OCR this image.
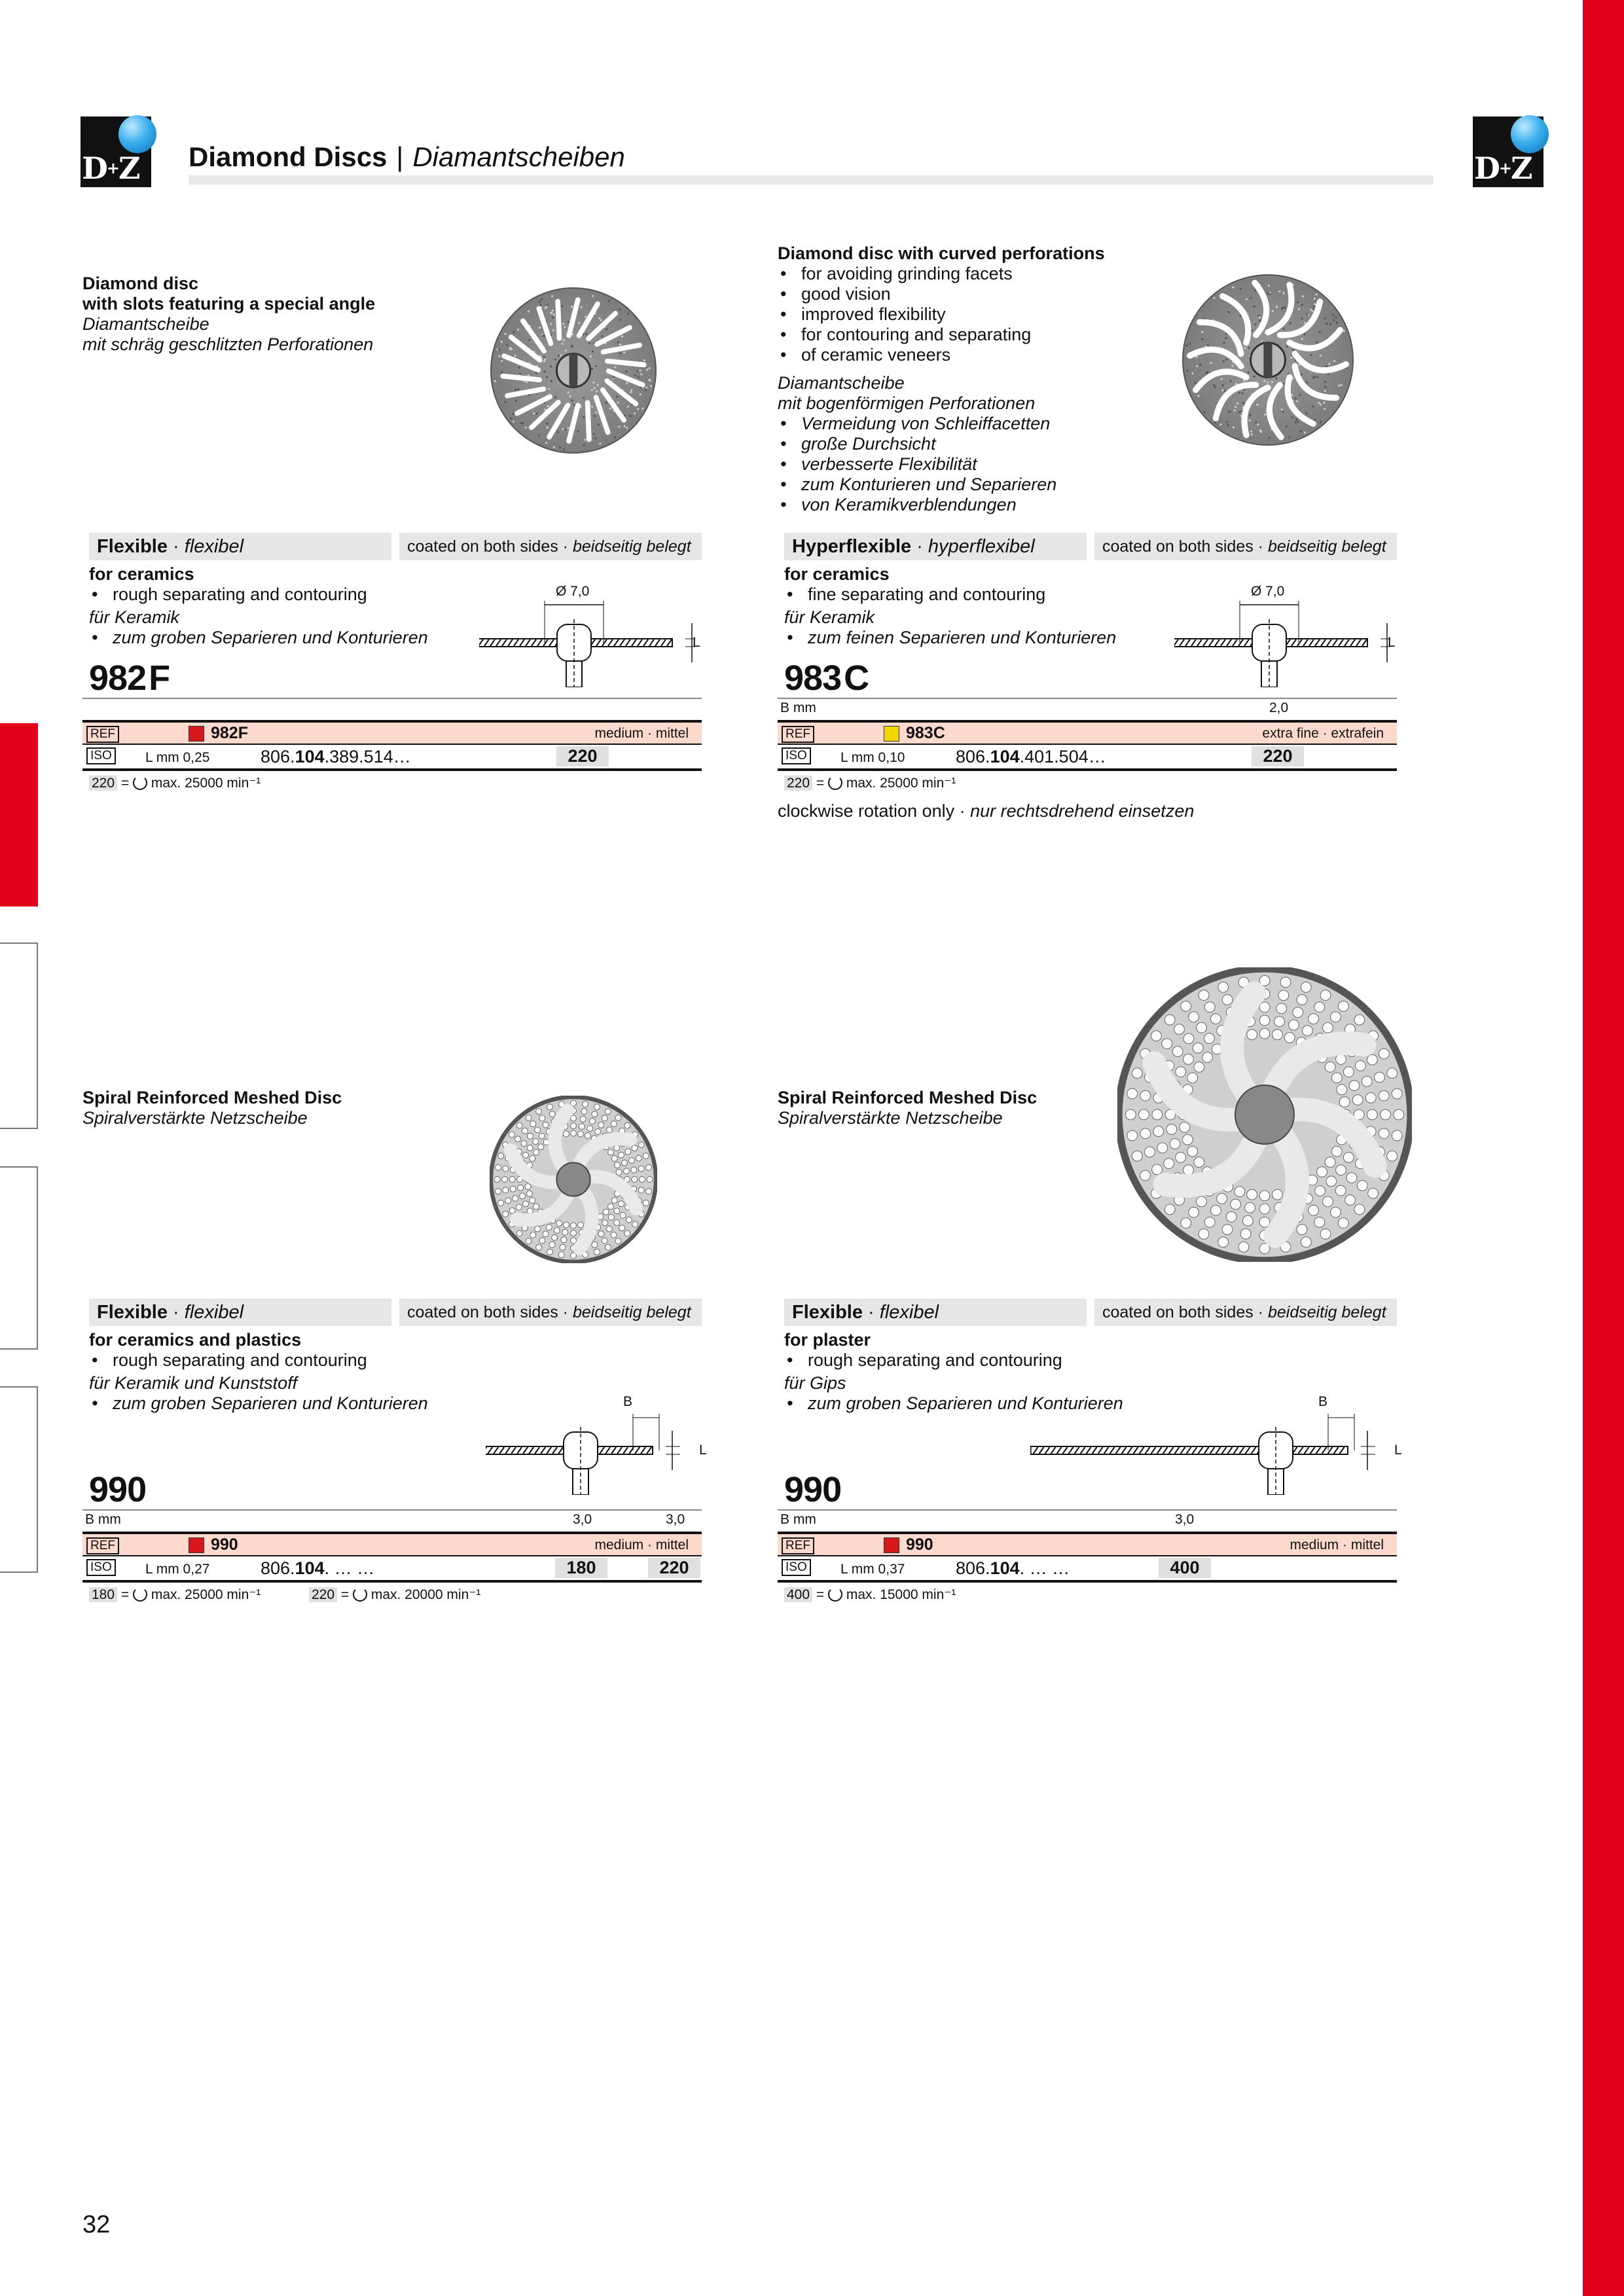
D+Z	D+Z
Diamond Discs | Diamantscheiben
Diamond disc
with slots featuring a special angle
Diamantscheibe
mit schräg geschlitzten Perforationen
Flexible · flexibel	coated on both sides · beidseitig belegt
for ceramics
• rough separating and contouring
für Keramik
• zum groben Separieren und Konturieren
Ø 7,0
L
982F
REF	982F	medium · mittel
ISO L mm 0,25	806.104.389.514…	220
220 = max. 25000 min⁻¹
Diamond disc with curved perforations
• for avoiding grinding facets
• good vision
• improved flexibility
• for contouring and separating
• of ceramic veneers
Diamantscheibe
mit bogenförmigen Perforationen
• Vermeidung von Schleiffacetten
• große Durchsicht
• verbesserte Flexibilität
• zum Konturieren und Separieren
• von Keramikverblendungen
Hyperflexible · hyperflexibel	coated on both sides · beidseitig belegt
for ceramics
• fine separating and contouring
für Keramik
• zum feinen Separieren und Konturieren
Ø 7,0
L
983C
B mm	2,0
REF	983C	extra fine · extrafein
ISO L mm 0,10	806.104.401.504…	220
220 = max. 25000 min⁻¹
clockwise rotation only · nur rechtsdrehend einsetzen
Spiral Reinforced Meshed Disc
Spiralverstärkte Netzscheibe
Flexible · flexibel	coated on both sides · beidseitig belegt
for ceramics and plastics
• rough separating and contouring
für Keramik und Kunststoff
• zum groben Separieren und Konturieren	B
L
990
B mm	3,0	3,0
REF	990	medium · mittel
ISO L mm 0,27	806.104. … …	180	220
180 = max. 25000 min⁻¹	220 = max. 20000 min⁻¹
Spiral Reinforced Meshed Disc
Spiralverstärkte Netzscheibe
Flexible · flexibel	coated on both sides · beidseitig belegt
for plaster
• rough separating and contouring
für Gips
• zum groben Separieren und Konturieren	B
L
990
B mm	3,0
REF	990	medium · mittel
ISO L mm 0,37	806.104. … …	400
400 = max. 15000 min⁻¹
32
